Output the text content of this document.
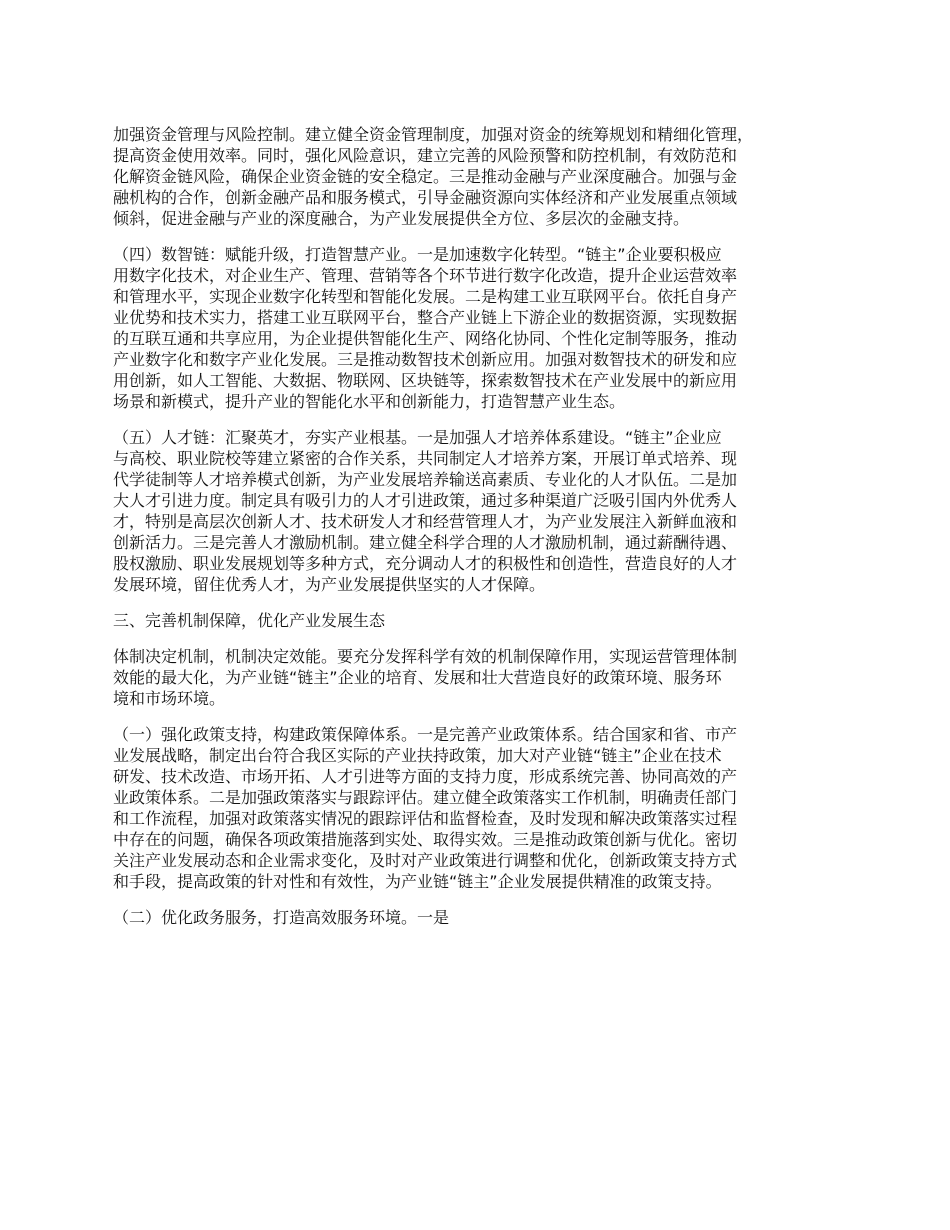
加强资金管理与风险控制。建立健全资金管理制度，加强对资金的统筹规划和精细化管理，
提高资金使用效率。同时，强化风险意识，建立完善的风险预警和防控机制，有效防范和
化解资金链风险，确保企业资金链的安全稳定。三是推动金融与产业深度融合。加强与金
融机构的合作，创新金融产品和服务模式，引导金融资源向实体经济和产业发展重点领域
倾斜，促进金融与产业的深度融合，为产业发展提供全方位、多层次的金融支持。

（四）数智链：赋能升级，打造智慧产业。一是加速数字化转型。“链主”企业要积极应
用数字化技术，对企业生产、管理、营销等各个环节进行数字化改造，提升企业运营效率
和管理水平，实现企业数字化转型和智能化发展。二是构建工业互联网平台。依托自身产
业优势和技术实力，搭建工业互联网平台，整合产业链上下游企业的数据资源，实现数据
的互联互通和共享应用，为企业提供智能化生产、网络化协同、个性化定制等服务，推动
产业数字化和数字产业化发展。三是推动数智技术创新应用。加强对数智技术的研发和应
用创新，如人工智能、大数据、物联网、区块链等，探索数智技术在产业发展中的新应用
场景和新模式，提升产业的智能化水平和创新能力，打造智慧产业生态。

（五）人才链：汇聚英才，夯实产业根基。一是加强人才培养体系建设。“链主”企业应
与高校、职业院校等建立紧密的合作关系，共同制定人才培养方案，开展订单式培养、现
代学徒制等人才培养模式创新，为产业发展培养输送高素质、专业化的人才队伍。二是加
大人才引进力度。制定具有吸引力的人才引进政策，通过多种渠道广泛吸引国内外优秀人
才，特别是高层次创新人才、技术研发人才和经营管理人才，为产业发展注入新鲜血液和
创新活力。三是完善人才激励机制。建立健全科学合理的人才激励机制，通过薪酬待遇、
股权激励、职业发展规划等多种方式，充分调动人才的积极性和创造性，营造良好的人才
发展环境，留住优秀人才，为产业发展提供坚实的人才保障。

三、完善机制保障，优化产业发展生态

体制决定机制，机制决定效能。要充分发挥科学有效的机制保障作用，实现运营管理体制
效能的最大化，为产业链“链主”企业的培育、发展和壮大营造良好的政策环境、服务环
境和市场环境。

（一）强化政策支持，构建政策保障体系。一是完善产业政策体系。结合国家和省、市产
业发展战略，制定出台符合我区实际的产业扶持政策，加大对产业链“链主”企业在技术
研发、技术改造、市场开拓、人才引进等方面的支持力度，形成系统完善、协同高效的产
业政策体系。二是加强政策落实与跟踪评估。建立健全政策落实工作机制，明确责任部门
和工作流程，加强对政策落实情况的跟踪评估和监督检查，及时发现和解决政策落实过程
中存在的问题，确保各项政策措施落到实处、取得实效。三是推动政策创新与优化。密切
关注产业发展动态和企业需求变化，及时对产业政策进行调整和优化，创新政策支持方式
和手段，提高政策的针对性和有效性，为产业链“链主”企业发展提供精准的政策支持。

（二）优化政务服务，打造高效服务环境。一是
